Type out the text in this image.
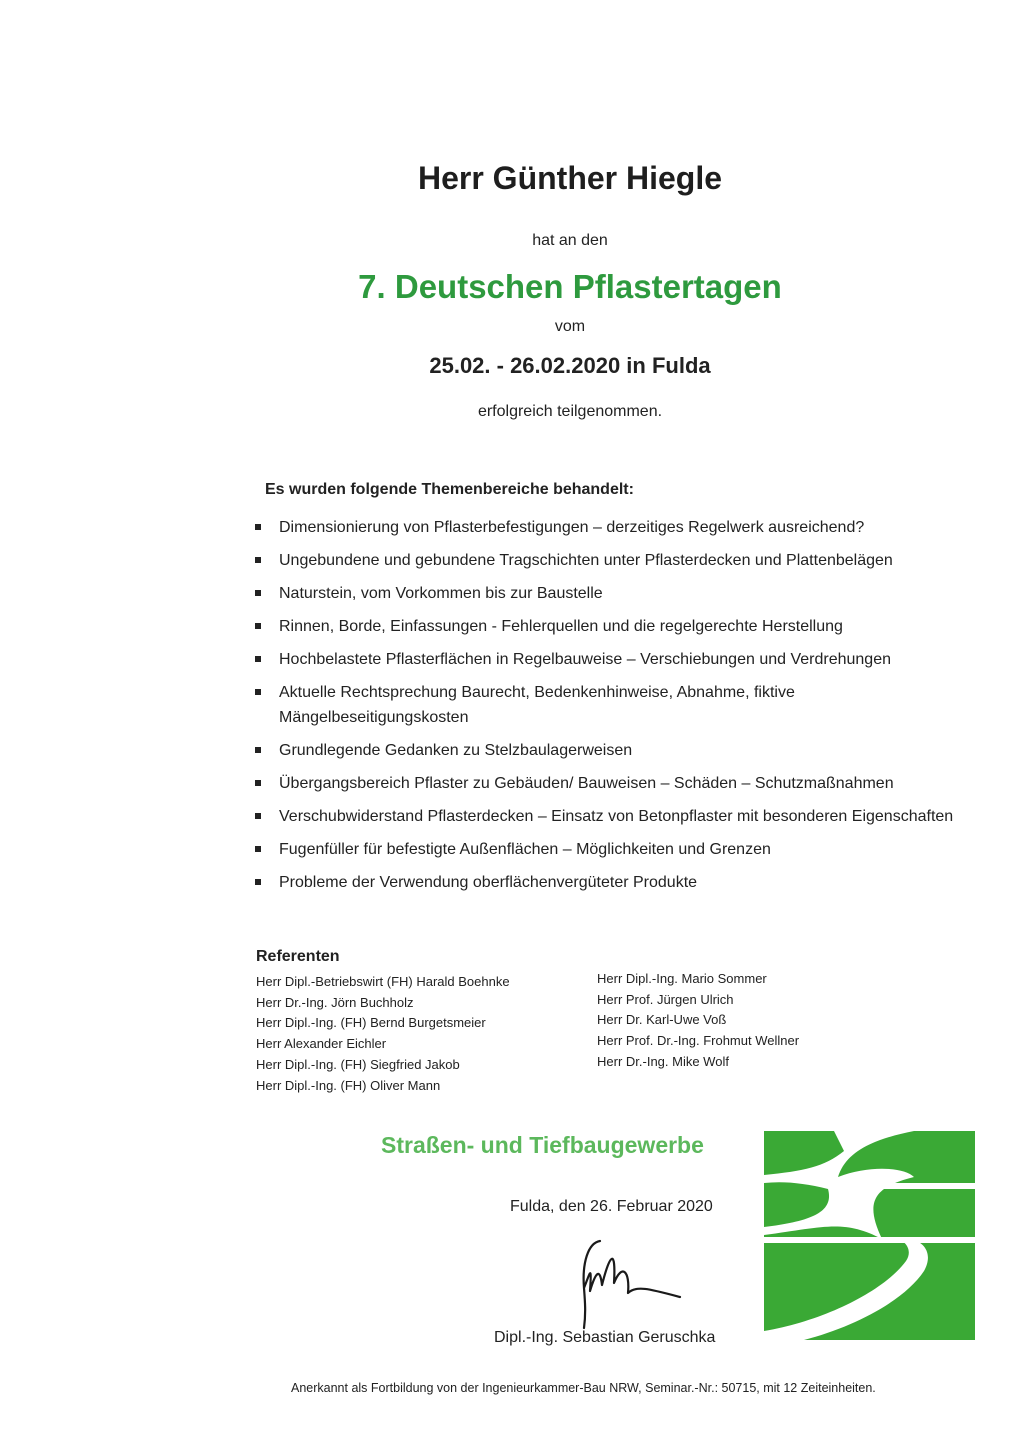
Herr Günther Hiegle
hat an den
7. Deutschen Pflastertagen
vom
25.02. - 26.02.2020 in Fulda
erfolgreich teilgenommen.
Es wurden folgende Themenbereiche behandelt:
Dimensionierung von Pflasterbefestigungen – derzeitiges Regelwerk ausreichend?
Ungebundene und gebundene Tragschichten unter Pflasterdecken und Plattenbelägen
Naturstein, vom Vorkommen bis zur Baustelle
Rinnen, Borde, Einfassungen - Fehlerquellen und die regelgerechte Herstellung
Hochbelastete Pflasterflächen in Regelbauweise – Verschiebungen und Verdrehungen
Aktuelle Rechtsprechung Baurecht, Bedenkenhinweise, Abnahme, fiktive Mängelbeseitigungskosten
Grundlegende Gedanken zu Stelzbaulagerweisen
Übergangsbereich Pflaster zu Gebäuden/ Bauweisen – Schäden – Schutzmaßnahmen
Verschubwiderstand Pflasterdecken – Einsatz von Betonpflaster mit besonderen Eigenschaften
Fugenfüller für befestigte Außenflächen – Möglichkeiten und Grenzen
Probleme der Verwendung oberflächenvergüteter Produkte
Referenten
Herr Dipl.-Betriebswirt (FH) Harald Boehnke
Herr Dr.-Ing. Jörn Buchholz
Herr Dipl.-Ing. (FH) Bernd Burgetsmeier
Herr Alexander Eichler
Herr Dipl.-Ing. (FH) Siegfried Jakob
Herr Dipl.-Ing. (FH) Oliver Mann
Herr Dipl.-Ing. Mario Sommer
Herr Prof. Jürgen Ulrich
Herr Dr. Karl-Uwe Voß
Herr Prof. Dr.-Ing. Frohmut Wellner
Herr Dr.-Ing. Mike Wolf
Straßen- und Tiefbaugewerbe
Fulda, den 26. Februar 2020
Dipl.-Ing. Sebastian Geruschka
Anerkannt als Fortbildung von der Ingenieurkammer-Bau NRW, Seminar.-Nr.: 50715, mit 12 Zeiteinheiten.
